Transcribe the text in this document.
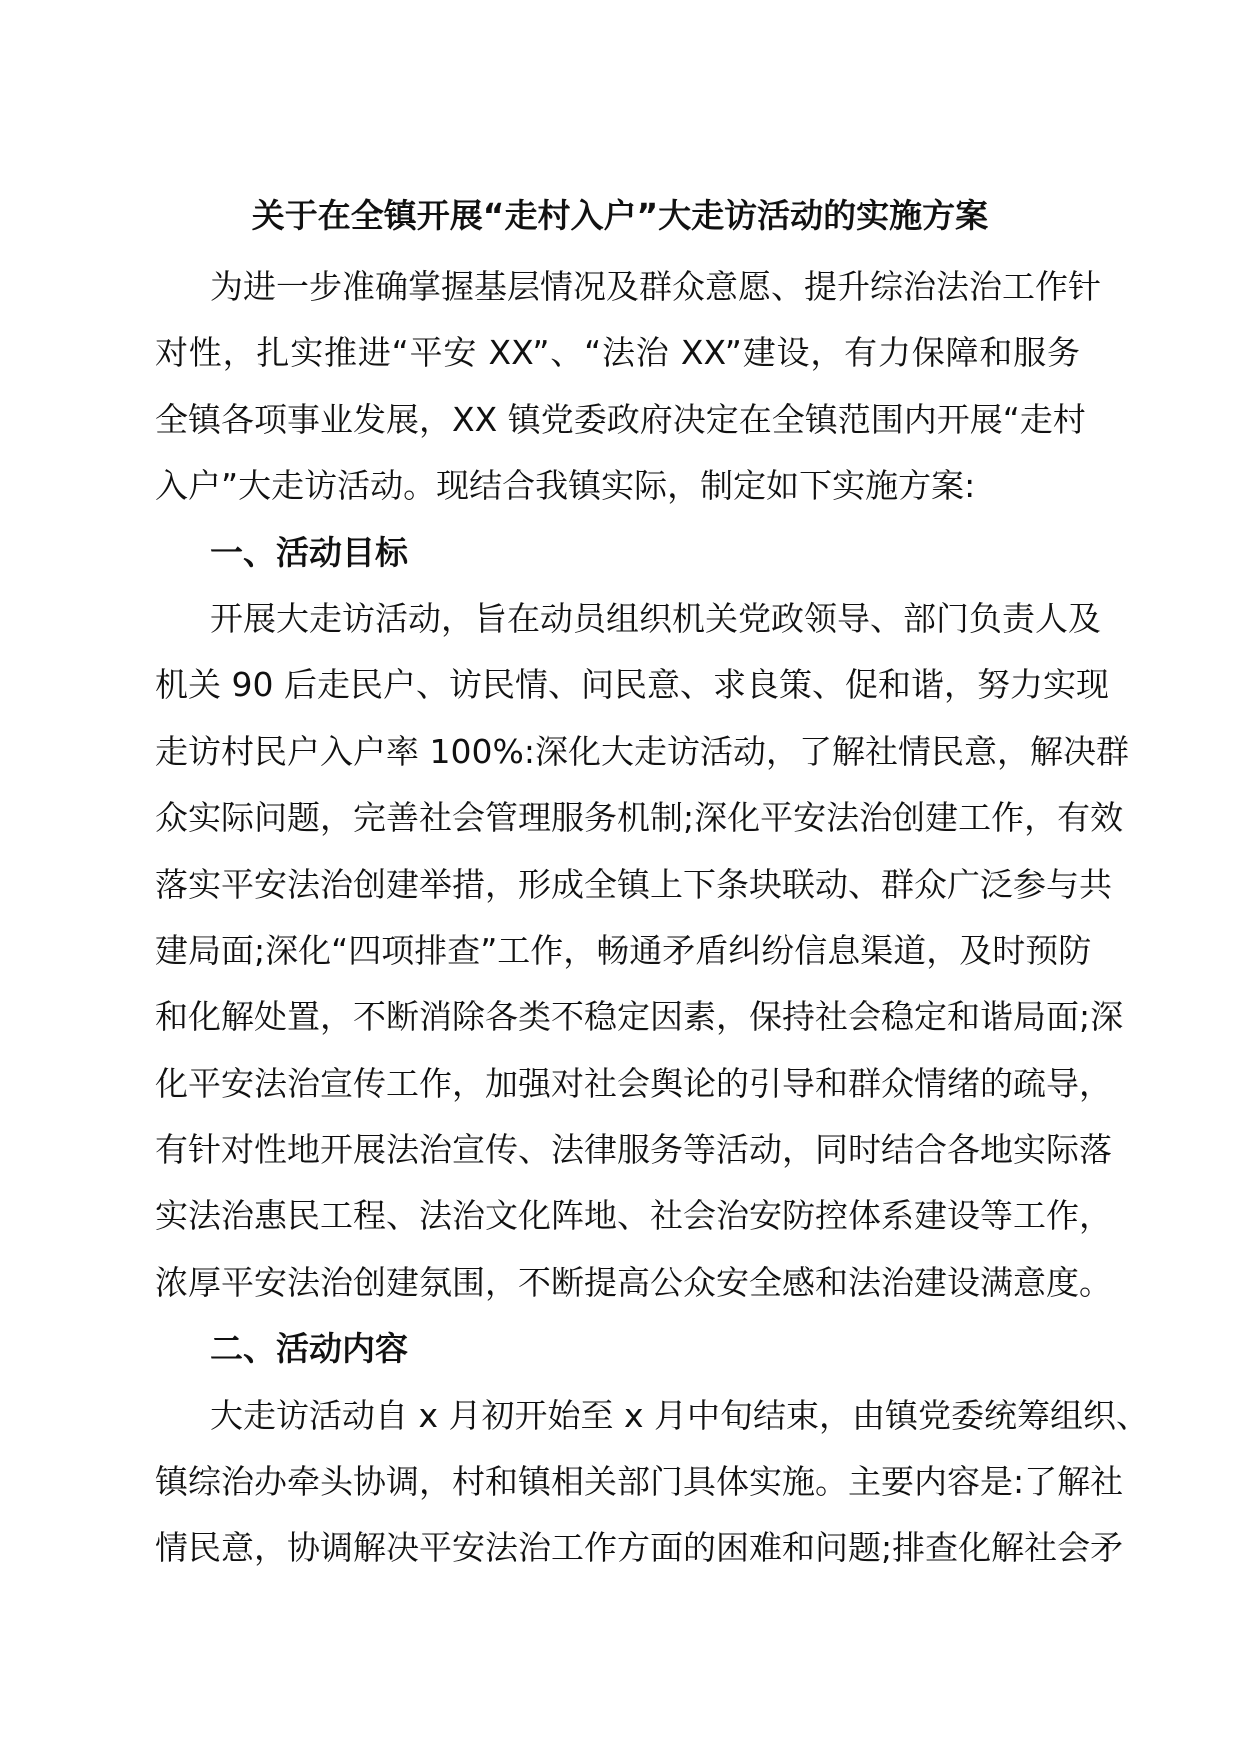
关于在全镇开展“走村入户”大走访活动的实施方案
为进一步准确掌握基层情况及群众意愿、提升综治法治工作针
对性，扎实推进“平安 XX”、“法治 XX”建设，有力保障和服务
全镇各项事业发展，XX 镇党委政府决定在全镇范围内开展“走村
入户”大走访活动。现结合我镇实际，制定如下实施方案:
一、活动目标
开展大走访活动，旨在动员组织机关党政领导、部门负责人及
机关 90 后走民户、访民情、问民意、求良策、促和谐，努力实现
走访村民户入户率 100%:深化大走访活动，了解社情民意，解决群
众实际问题，完善社会管理服务机制;深化平安法治创建工作，有效
落实平安法治创建举措，形成全镇上下条块联动、群众广泛参与共
建局面;深化“四项排查”工作，畅通矛盾纠纷信息渠道，及时预防
和化解处置，不断消除各类不稳定因素，保持社会稳定和谐局面;深
化平安法治宣传工作，加强对社会舆论的引导和群众情绪的疏导，
有针对性地开展法治宣传、法律服务等活动，同时结合各地实际落
实法治惠民工程、法治文化阵地、社会治安防控体系建设等工作，
浓厚平安法治创建氛围，不断提高公众安全感和法治建设满意度。
二、活动内容
大走访活动自 x 月初开始至 x 月中旬结束，由镇党委统筹组织、
镇综治办牵头协调，村和镇相关部门具体实施。主要内容是:了解社
情民意，协调解决平安法治工作方面的困难和问题;排查化解社会矛
